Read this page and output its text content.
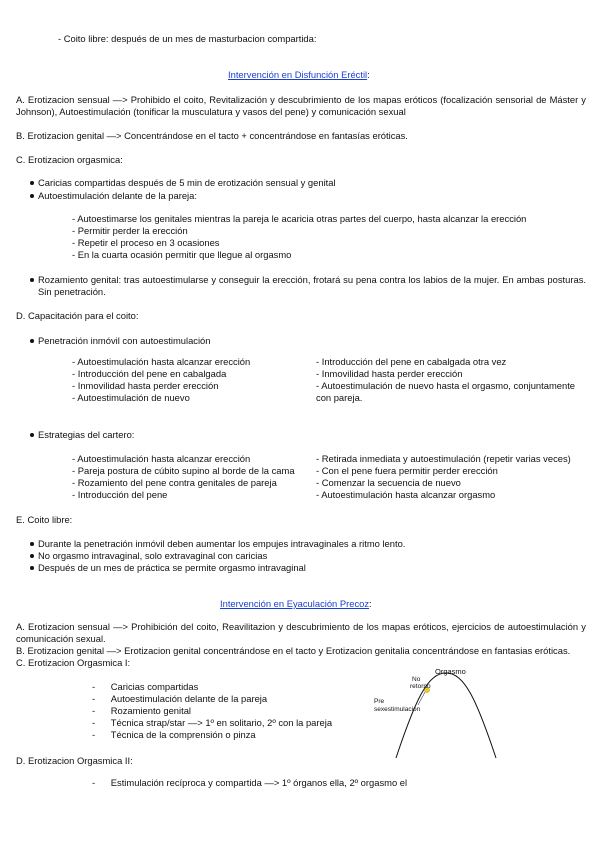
- Coito libre: después de un mes de masturbacion compartida:
Intervención en Disfunción Eréctil:
A. Erotizacion sensual —> Prohibido el coito, Revitalización y descubrimiento de los mapas eróticos (focalización sensorial de Máster y Johnson), Autoestimulación (tonificar la musculatura y vasos del pene) y comunicación sexual
B. Erotizacion genital —> Concentrándose en el tacto + concentrándose en fantasías eróticas.
C. Erotizacion orgasmica:
Caricias compartidas después de 5 min de erotización sensual y genital
Autoestimulación delante de la pareja:
- Autoestimarse los genitales mientras la pareja le acaricia otras partes del cuerpo, hasta alcanzar la erección
- Permitir perder la erección
- Repetir el proceso en 3 ocasiones
- En la cuarta ocasión permitir que llegue al orgasmo
Rozamiento genital: tras autoestimularse y conseguir la erección, frotará su pena contra los labios de la mujer. En ambas posturas. Sin penetración.
D. Capacitación para el coito:
Penetración inmóvil con autoestimulación
- Autoestimulación hasta alcanzar erección
- Introducción del pene en cabalgada
- Inmovilidad hasta perder erección
- Autoestimulación de nuevo
- Introducción del pene en cabalgada otra vez
- Inmovilidad hasta perder erección
- Autoestimulación de nuevo hasta el orgasmo, conjuntamente con pareja.
Estrategias del cartero:
- Autoestimulación hasta alcanzar erección
- Pareja postura de cúbito supino al borde de la cama
- Rozamiento del pene contra genitales de pareja
- Introducción del pene
- Retirada inmediata y autoestimulación (repetir varias veces)
- Con el pene fuera permitir perder erección
- Comenzar la secuencia de nuevo
- Autoestimulación hasta alcanzar orgasmo
E. Coito libre:
Durante la penetración inmóvil deben aumentar los empujes intravaginales a ritmo lento.
No orgasmo intravaginal, solo extravaginal con caricias
Después de un mes de práctica se permite orgasmo intravaginal
Intervención en Eyaculación Precoz:
A. Erotizacion sensual —> Prohibición del coito, Reavilitazion y descubrimiento de los mapas eróticos, ejercicios de autoestimulación y comunicación sexual.
B. Erotizacion genital —> Erotizacion genital concentrándose en el tacto y Erotizacion genitalia concentrándose en fantasias eróticas.
C. Erotizacion Orgasmica I:
-      Caricias compartidas
-      Autoestimulación delante de la pareja
-      Rozamiento genital
-      Técnica strap/star —> 1º en solitario, 2º con la pareja
-      Técnica de la comprensión o pinza
D. Erotizacion Orgasmica II:
-      Estimulación recíproca y compartida —> 1º órganos ella, 2º orgasmo el
Orgasmo
No
retorno
Pre
sexestimulacion
